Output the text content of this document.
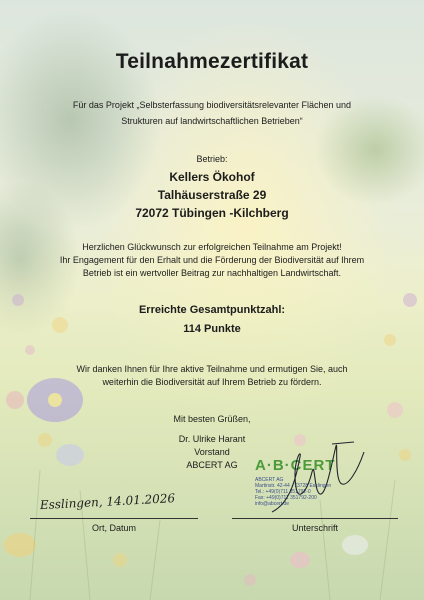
Teilnahmezertifikat
Für das Projekt „Selbsterfassung biodiversitätsrelevanter Flächen und
Strukturen auf landwirtschaftlichen Betrieben“
Betrieb:
Kellers Ökohof
Talhäuserstraße 29
72072 Tübingen -Kilchberg
Herzlichen Glückwunsch zur erfolgreichen Teilnahme am Projekt!
Ihr Engagement für den Erhalt und die Förderung der Biodiversität auf Ihrem
Betrieb ist ein wertvoller Beitrag zur nachhaltigen Landwirtschaft.
Erreichte Gesamtpunktzahl:
114 Punkte
Wir danken Ihnen für Ihre aktive Teilnahme und ermutigen Sie, auch
weiterhin die Biodiversität auf Ihrem Betrieb zu fördern.
Mit besten Grüßen,
Dr. Ulrike Harant
Vorstand
ABCERT AG
Esslingen, 14.01.2026
Ort, Datum
A·B·CERT
ABCERT AG
Martinstr. 42-44 · 73728 Esslingen
Tel.: +49(0)711 351792-0
Fax: +49(0)711 351792-200
info@abcert.de
Unterschrift
